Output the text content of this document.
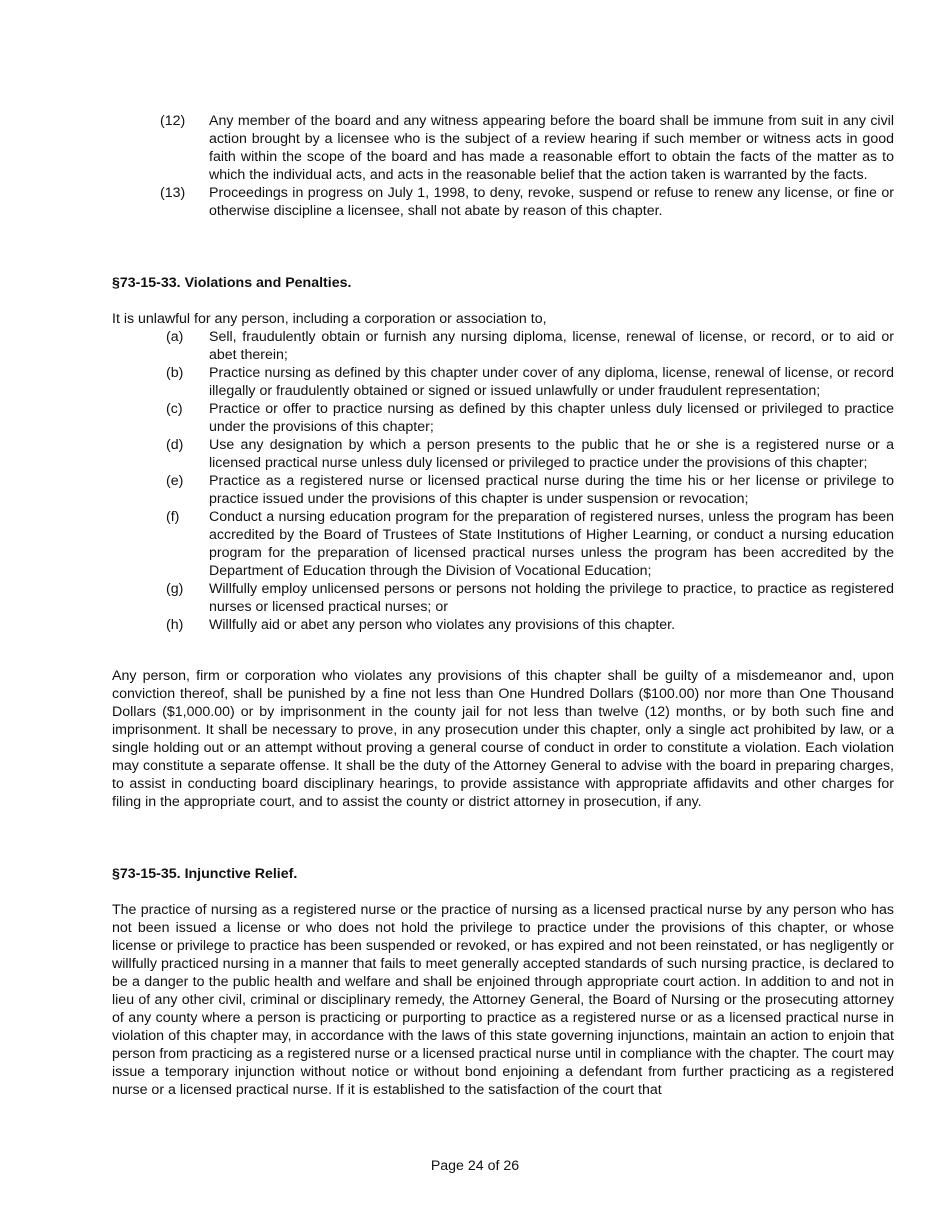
(12)	Any member of the board and any witness appearing before the board shall be immune from suit in any civil action brought by a licensee who is the subject of a review hearing if such member or witness acts in good faith within the scope of the board and has made a reasonable effort to obtain the facts of the matter as to which the individual acts, and acts in the reasonable belief that the action taken is warranted by the facts.
(13)	Proceedings in progress on July 1, 1998, to deny, revoke, suspend or refuse to renew any license, or fine or otherwise discipline a licensee, shall not abate by reason of this chapter.
§73-15-33. Violations and Penalties.
It is unlawful for any person, including a corporation or association to,
(a)	Sell, fraudulently obtain or furnish any nursing diploma, license, renewal of license, or record, or to aid or abet therein;
(b)	Practice nursing as defined by this chapter under cover of any diploma, license, renewal of license, or record illegally or fraudulently obtained or signed or issued unlawfully or under fraudulent representation;
(c)	Practice or offer to practice nursing as defined by this chapter unless duly licensed or privileged to practice under the provisions of this chapter;
(d)	Use any designation by which a person presents to the public that he or she is a registered nurse or a licensed practical nurse unless duly licensed or privileged to practice under the provisions of this chapter;
(e)	Practice as a registered nurse or licensed practical nurse during the time his or her license or privilege to practice issued under the provisions of this chapter is under suspension or revocation;
(f)	Conduct a nursing education program for the preparation of registered nurses, unless the program has been accredited by the Board of Trustees of State Institutions of Higher Learning, or conduct a nursing education program for the preparation of licensed practical nurses unless the program has been accredited by the Department of Education through the Division of Vocational Education;
(g)	Willfully employ unlicensed persons or persons not holding the privilege to practice, to practice as registered nurses or licensed practical nurses; or
(h)	Willfully aid or abet any person who violates any provisions of this chapter.

Any person, firm or corporation who violates any provisions of this chapter shall be guilty of a misdemeanor and, upon conviction thereof, shall be punished by a fine not less than One Hundred Dollars ($100.00) nor more than One Thousand Dollars ($1,000.00) or by imprisonment in the county jail for not less than twelve (12) months, or by both such fine and imprisonment. It shall be necessary to prove, in any prosecution under this chapter, only a single act prohibited by law, or a single holding out or an attempt without proving a general course of conduct in order to constitute a violation. Each violation may constitute a separate offense. It shall be the duty of the Attorney General to advise with the board in preparing charges, to assist in conducting board disciplinary hearings, to provide assistance with appropriate affidavits and other charges for filing in the appropriate court, and to assist the county or district attorney in prosecution, if any.

§73-15-35. Injunctive Relief.

The practice of nursing as a registered nurse or the practice of nursing as a licensed practical nurse by any person who has not been issued a license or who does not hold the privilege to practice under the provisions of this chapter, or whose license or privilege to practice has been suspended or revoked, or has expired and not been reinstated, or has negligently or willfully practiced nursing in a manner that fails to meet generally accepted standards of such nursing practice, is declared to be a danger to the public health and welfare and shall be enjoined through appropriate court action. In addition to and not in lieu of any other civil, criminal or disciplinary remedy, the Attorney General, the Board of Nursing or the prosecuting attorney of any county where a person is practicing or purporting to practice as a registered nurse or as a licensed practical nurse in violation of this chapter may, in accordance with the laws of this state governing injunctions, maintain an action to enjoin that person from practicing as a registered nurse or a licensed practical nurse until in compliance with the chapter. The court may issue a temporary injunction without notice or without bond enjoining a defendant from further practicing as a registered nurse or a licensed practical nurse. If it is established to the satisfaction of the court that

Page 24 of 26
